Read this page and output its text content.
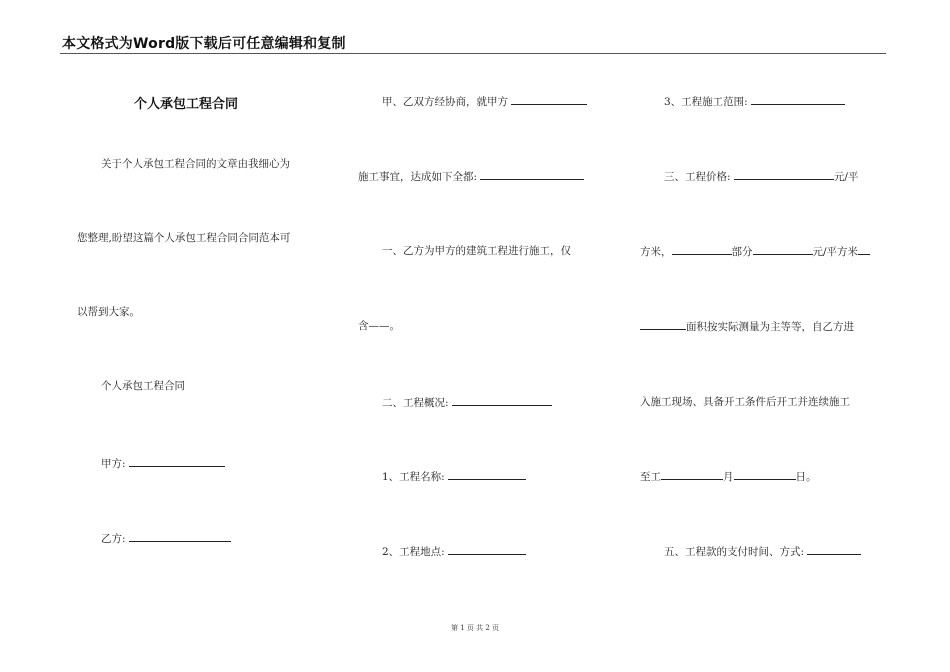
本文格式为Word版下载后可任意编辑和复制
个人承包工程合同
关于个人承包工程合同的文章由我细心为
您整理,盼望这篇个人承包工程合同合同范本可
以帮到大家。
个人承包工程合同
甲方:
乙方:
甲、乙双方经协商，就甲方
施工事宜，达成如下全都:
一、乙方为甲方的建筑工程进行施工，仅
含——。
二、工程概况:
1、工程名称:
2、工程地点:
3、工程施工范围:
三、工程价格:	元/平
方米，	部分	元/平方米
面积按实际测量为主等等，自乙方进
入施工现场、具备开工条件后开工并连续施工
至工	月	日。
五、工程款的支付时间、方式:
第 1 页 共 2 页
